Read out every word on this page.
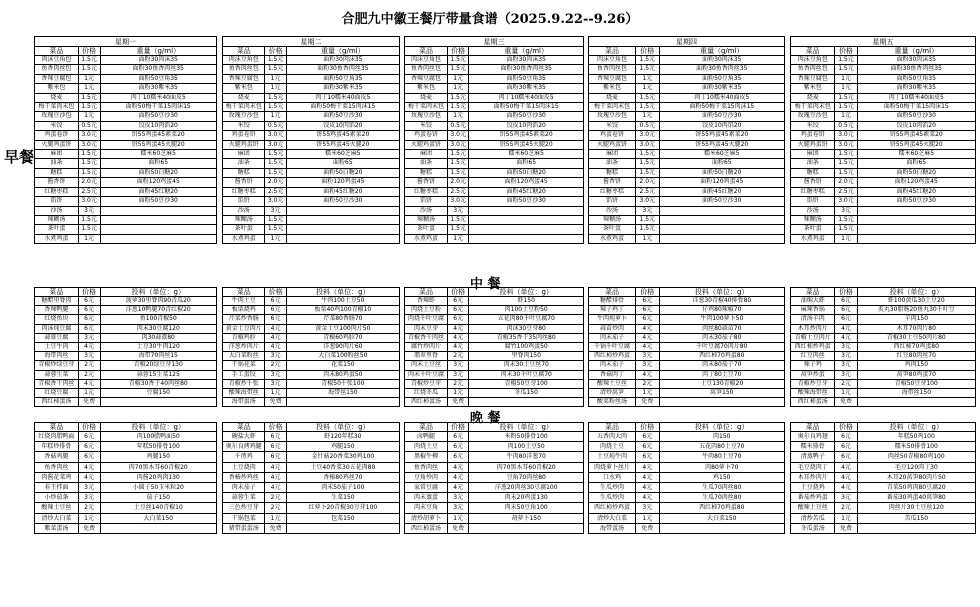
合肥九中徽王餐厅带量食谱（2025.9.22--9.26）
早餐
中 餐
晚 餐
星期一		
菜品	价格	重量（g/ml）
肉沫豆角包	1.5元	面粉30肉沫35
鱼香肉丝包	1.5元	面粉30鱼香肉丝35
香辣豆腐包	1元	面粉50豆角35
紫米包	1元	面粉30紫米35
烧麦	1.5元	肉丁10糯米40面皮5
梅干菜肉末包	1.5元	面粉50梅干菜15肉沫15
玫瑰豆沙包	1元	面粉50豆沙30
米饺	0.5元	饺皮10肉馅20
鸡蛋卷饼	3.0元	饼55鸡蛋45素菜20
火腿鸡蛋饼	3.0元	饼55鸡蛋45火腿20
麻团	1.5元	糯米60芝麻5
油条	1.5元	面粉65
糖糕	1.5元	面粉50白糖20
酱香饼	2.0元	面粉120鸡蛋45
红糖枣糕	2.5元	面粉45红糖20
馅饼	3.0元	面粉50豆沙30
沙汤	3元	
辣糊汤	1.5元	
茶叶蛋	1.5元	
水煮鸡蛋	1元	
菜品	价格	投料（单位：g）
糖醋里脊肉	6元	菠萝30里脊肉90青瓜20
香辣鸭腿	6元	洋葱10鸭腿70青红椒20
红烧鱼块	6元	鱼100青椒50
肉沫炖豆腐	6元	肉末30豆腐120
蒜薹豆腐	3元	肉30蒜薹80
土豆牛肉	4元	土豆30牛肉120
海带肉丝	3元	海带70肉丝15
青椒炒绿豆芽	2元	青椒20绿豆芽130
蒜蓉生菜	2元	蒜蓉15生菜125
青椒香干肉丝	4元	青椒30香干40肉丝80
红烧豆腐	1元	豆腐150
西红柿蛋汤	免费	
菜品	价格	投料（单位：g）
红烧肉腊鸭面	6元	肉100腊鸭面50
年糕炒排骨	6元	年糕50排骨100
香菇鸡腿	6元	鸡腿150
鱼香肉丝	4元	肉70黑木耳60青椒20
肉酱花菜鸡	4元	肉酱20鸡肉130
韭王拌面	3元	小圆子50玉米粒20
小炒茄条	3元	茄子150
酸辣土豆丝	2元	土豆丝140青椒10
清炒大白菜	1元	大白菜150
紫菜蛋汤	免费	
星期二		
菜品	价格	重量（g/ml）
肉沫豆角包	1.5元	面粉30肉沫35
鱼香肉丝包	1.5元	面粉30鱼香肉丝35
香辣豆腐包	1元	面粉50豆角35
紫米包	1元	面粉30紫米35
烧麦	1.5元	肉丁10糯米40面皮5
梅干菜肉末包	1.5元	面粉50梅干菜15肉沫15
玫瑰豆沙包	1元	面粉50豆沙30
米饺	0.5元	饺皮10肉馅20
鸡蛋卷饼	3.0元	饼55鸡蛋45素菜20
火腿鸡蛋饼	3.0元	饼55鸡蛋45火腿20
麻团	1.5元	糯米60芝麻5
油条	1.5元	面粉65
糖糕	1.5元	面粉50白糖20
酱香饼	2.0元	面粉120鸡蛋45
红糖枣糕	2.5元	面粉45红糖20
馅饼	3.0元	面粉50豆沙30
沙汤	3元	
辣糊汤	1.5元	
茶叶蛋	1.5元	
水煮鸡蛋	1元	
菜品	价格	投料（单位：g）
牛肉土豆	6元	牛肉100土豆50
板栗烧鸡	6元	板栗40鸡100青椒10
芹菜炒香肠	6元	芹菜80香肠70
黄金土豆肉片	4元	黄金土豆100肉片50
青椒鸡胗	4元	青椒60鸡胗70
洋葱炒肉片	4元	洋葱90肉片60
大白菜粉丝	3元	大白菜100粉丝50
干锅花菜	2元	花菜150
手工蛋饺	3元	肉末80鸡蛋50
青椒炒千张	3元	青椒50千张100
酸辣海带丝	1元	海带丝150
海带蛋汤	免费	
菜品	价格	投料（单位：g）
碗盐大虾	6元	虾120年糕30
奥尔良烤鸡腿	6元	鸡腿150
千煎鸡	6元	金针菇20香菜30鸡100
土豆烧肉	4元	土豆40香菜30五花肉80
香椿炒鸡丝	4元	香椿80鸡丝70
肉末茄子	4元	肉末50茄子100
蒜蓉生菜	2元	生菜150
三色炒豆芽	2元	红萝卜20青椒30豆芽100
干锅包菜	1元	包菜150
猪带蛋蛋汤	免费	
星期三		
菜品	价格	重量（g/ml）
肉沫豆角包	1.5元	面粉30肉沫35
鱼香肉丝包	1.5元	面粉30鱼香肉丝35
香辣豆腐包	1元	面粉50豆角35
紫米包	1元	面粉30紫米35
烧麦	1.5元	肉丁10糯米40面皮5
梅干菜肉末包	1.5元	面粉50梅干菜15肉沫15
玫瑰豆沙包	1元	面粉50豆沙30
米饺	0.5元	饺皮10肉馅20
鸡蛋卷饼	3.0元	饼55鸡蛋45素菜20
火腿鸡蛋饼	3.0元	饼55鸡蛋45火腿20
麻团	1.5元	糯米60芝麻5
油条	1.5元	面粉65
糖糕	1.5元	面粉50白糖20
酱香饼	2.0元	面粉120鸡蛋45
红糖枣糕	2.5元	面粉45红糖20
馅饼	3.0元	面粉50豆沙30
沙汤	3元	
辣糊汤	1.5元	
茶叶蛋	1.5元	
水煮鸡蛋	1元	
菜品	价格	投料（单位：g）
香辣虾	6元	虾150
肉烧土豆粉	6元	肉100土豆粉50
肉烧千叶豆腐	6元	五花肉80千叶豆腐70
肉末豆芽	4元	肉沫30豆芽80
青椒香干肉丝	4元	青椒35香干35肉丝80
腐竹炒肉片	4元	腐竹100鸡蛋50
翡翠里脊	2元	里脊肉150
肉末土豆丝	3元	肉末30土豆丝70
肉末千叶豆腐	3元	肉末30千叶豆腐70
青椒炒豆芽	2元	青椒50豆芽100
红烧冬瓜	1元	冬瓜150
西红柿蛋汤	免费	
菜品	价格	投料（单位：g）
卤鸭腿	6元	米粉50排骨100
肉烧土豆	6元	肉100土豆50
黑椒牛柳	6元	牛肉80洋葱70
鱼香肉丝	4元	肉70黑木耳60青椒20
豆角炒肉	4元	豆角70肉丝80
家常豆腐	4元	洋葱20肉丝30豆腐100
肉末蒸蛋	3元	肉末20鸡蛋130
肉末豆角	3元	肉末50豆角100
清炒胡萝卜	1元	胡萝卜150
西红柿蛋汤	免费	
星期四		
菜品	价格	重量（g/ml）
肉沫豆角包	1.5元	面粉30肉沫35
鱼香肉丝包	1.5元	面粉30鱼香肉丝35
香辣豆腐包	1元	面粉50豆角35
紫米包	1元	面粉30紫米35
烧麦	1.5元	肉丁10糯米40面皮5
梅干菜肉末包	1.5元	面粉50梅干菜15肉沫15
玫瑰豆沙包	1元	面粉50豆沙30
米饺	0.5元	饺皮10肉馅20
鸡蛋卷饼	3.0元	饼55鸡蛋45素菜20
火腿鸡蛋饼	3.0元	饼55鸡蛋45火腿20
麻团	1.5元	糯米60芝麻5
油条	1.5元	面粉65
糖糕	1.5元	面粉50白糖20
酱香饼	2.0元	面粉120鸡蛋45
红糖枣糕	2.5元	面粉45红糖20
馅饼	3.0元	面粉50豆沙30
沙汤	3元	
辣糊汤	1.5元	
茶叶蛋	1.5元	
水煮鸡蛋	1元	
菜品	价格	投料（单位：g）
糖醋排骨	6元	洋葱30青椒40排骨80
辣子鸡丁	6元	仔鸡80辣椒70
牛肉炖萝卜	6元	牛肉100萝卜50
蒜苗炒肉	4元	肉丝80蒜苗70
肉末茄子	4元	肉末30茄子80
千锅千叶豆腐	4元	千叶豆腐70肉片80
西红柿炒鸡蛋	3元	西红柿70鸡蛋80
肉末茄子	3元	肉末80茄子70
香菇肉丁	4元	肉丁80土豆70
酸辣土豆丝	2元	土豆130青椒20
清炒莴笋	1元	莴笋150
酸菜粉丝汤	免费	
菜品	价格	投料（单位：g）
五香肉大肉	6元	肉150
肉烧土豆	6元	五花肉80土豆70
土豆炖牛肉	6元	牛肉80土豆70
肉烧萝卜丝片	4元	肉80萝卜70
口水鸡	4元	鸡150
生瓜炒肉	4元	生瓜70肉丝80
生瓜炒肉	4元	生瓜70肉丝80
西红柿炒鸡蛋	3元	西红柿70鸡蛋80
清炒大白菜	1元	大白菜150
海带蛋汤	免费	
星期五		
菜品	价格	重量（g/ml）
肉沫豆角包	1.5元	面粉30肉沫35
鱼香肉丝包	1.5元	面粉30鱼香肉丝35
香辣豆腐包	1元	面粉50豆角35
紫米包	1元	面粉30紫米35
烧麦	1.5元	肉丁10糯米40面皮5
梅干菜肉末包	1.5元	面粉50梅干菜15肉沫15
玫瑰豆沙包	1元	面粉50豆沙30
米饺	0.5元	饺皮10肉馅20
鸡蛋卷饼	3.0元	饼55鸡蛋45素菜20
火腿鸡蛋饼	3.0元	饼55鸡蛋45火腿20
麻团	1.5元	糯米60芝麻5
油条	1.5元	面粉65
糖糕	1.5元	面粉50白糖20
酱香饼	2.0元	面粉120鸡蛋45
红糖枣糕	2.5元	面粉45红糖20
馅饼	3.0元	面粉50豆沙30
沙汤	3元	
辣糊汤	1.5元	
茶叶蛋	1.5元	
水煮鸡蛋	1元	
菜品	价格	投料（单位：g）
油焖大虾	6元	虾100黄瓜30土豆20
麻辣香锅	6元	炙丸30腊肠20鱼丸30千叶豆
清汤羊肉	6元	羊肉150
木耳炒肉片	4元	木耳70肉片80
青椒土豆肉片	4元	青椒30土豆50肉片80
西红柿炒鸡蛋	3元	西红柿70鸡蛋80
红豆肉丝	3元	红豆80肉丝70
辣子鸡	3元	鸡肉150
莴笋炒蛋	3元	莴笋80鸡蛋70
青椒炒豆芽	2元	青椒50豆芽100
酸辣海带丝	1元	海带丝150
西红柿蛋汤	免费	
菜品	价格	投料（单位：g）
奥尔良鸡翅	6元	年糕50鸡100
糯米排骨	6元	糯米50排骨100
清蒸鸭子	6元	肉丝50青椒80鸡100
毛豆烧肉丁	4元	毛豆120肉丁30
木耳炒肉片	4元	木耳20莴笋80肉片50
土豆烧鸡	4元	青菜50鸡肉80豆腐20
番茄炒鸡蛋	3元	番茄30鸡蛋40莴笋80
酸辣土豆丝	2元	肉丝片30土豆丝120
清炒苦瓜	1元	苦瓜150
冬瓜蛋汤	免费	
